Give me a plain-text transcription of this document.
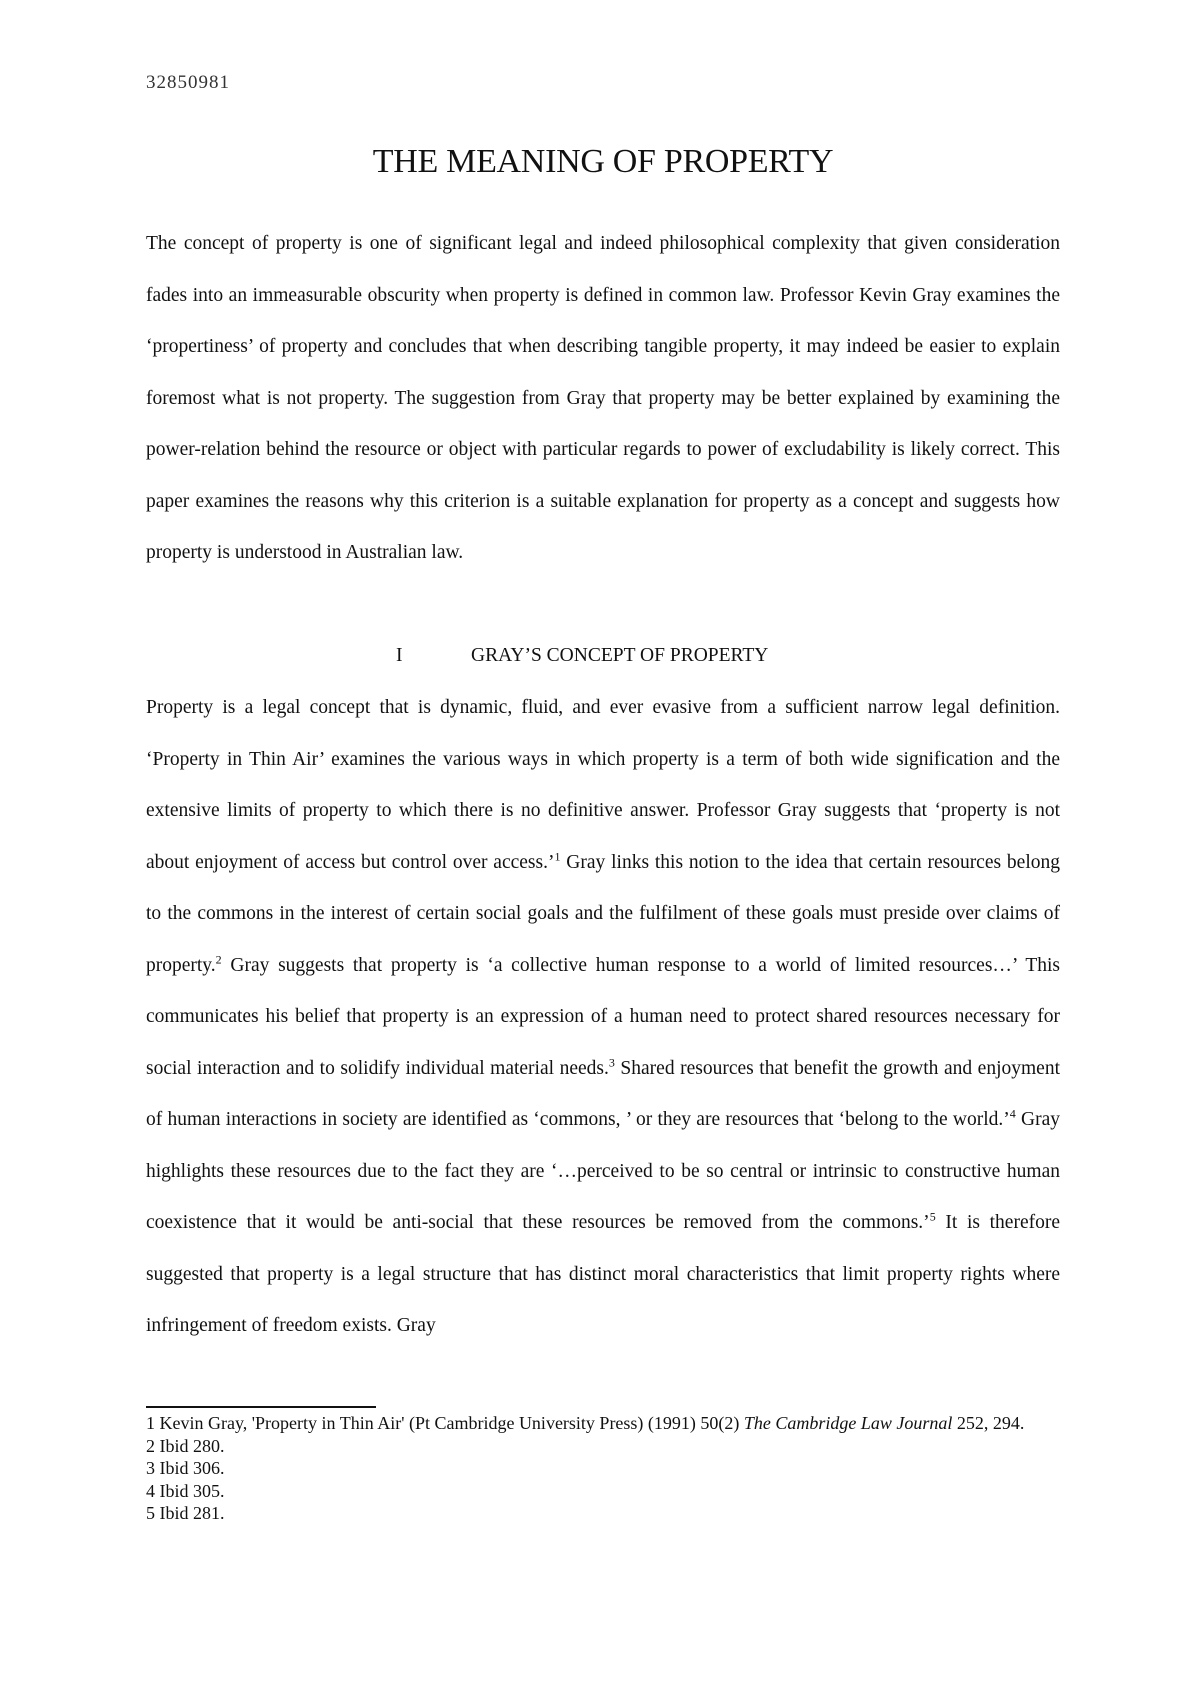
32850981
THE MEANING OF PROPERTY

The concept of property is one of significant legal and indeed philosophical complexity that given consideration fades into an immeasurable obscurity when property is defined in common law. Professor Kevin Gray examines the ‘propertiness’ of property and concludes that when describing tangible property, it may indeed be easier to explain foremost what is not property. The suggestion from Gray that property may be better explained by examining the power-relation behind the resource or object with particular regards to power of excludability is likely correct. This paper examines the reasons why this criterion is a suitable explanation for property as a concept and suggests how property is understood in Australian law.

I	GRAY’S CONCEPT OF PROPERTY

Property is a legal concept that is dynamic, fluid, and ever evasive from a sufficient narrow legal definition. ‘Property in Thin Air’ examines the various ways in which property is a term of both wide signification and the extensive limits of property to which there is no definitive answer. Professor Gray suggests that ‘property is not about enjoyment of access but control over access.’$^1$ Gray links this notion to the idea that certain resources belong to the commons in the interest of certain social goals and the fulfilment of these goals must preside over claims of property.$^2$ Gray suggests that property is ‘a collective human response to a world of limited resources…’ This communicates his belief that property is an expression of a human need to protect shared resources necessary for social interaction and to solidify individual material needs.$^3$ Shared resources that benefit the growth and enjoyment of human interactions in society are identified as ‘commons, ’ or they are resources that ‘belong to the world.’$^4$ Gray highlights these resources due to the fact they are ‘…perceived to be so central or intrinsic to constructive human coexistence that it would be anti-social that these resources be removed from the commons.’$^5$ It is therefore suggested that property is a legal structure that has distinct moral characteristics that limit property rights where infringement of freedom exists. Gray

1 Kevin Gray, 'Property in Thin Air' (Pt Cambridge University Press) (1991) 50(2) The Cambridge Law Journal 252, 294.
2 Ibid 280.
3 Ibid 306.
4 Ibid 305.
5 Ibid 281.
